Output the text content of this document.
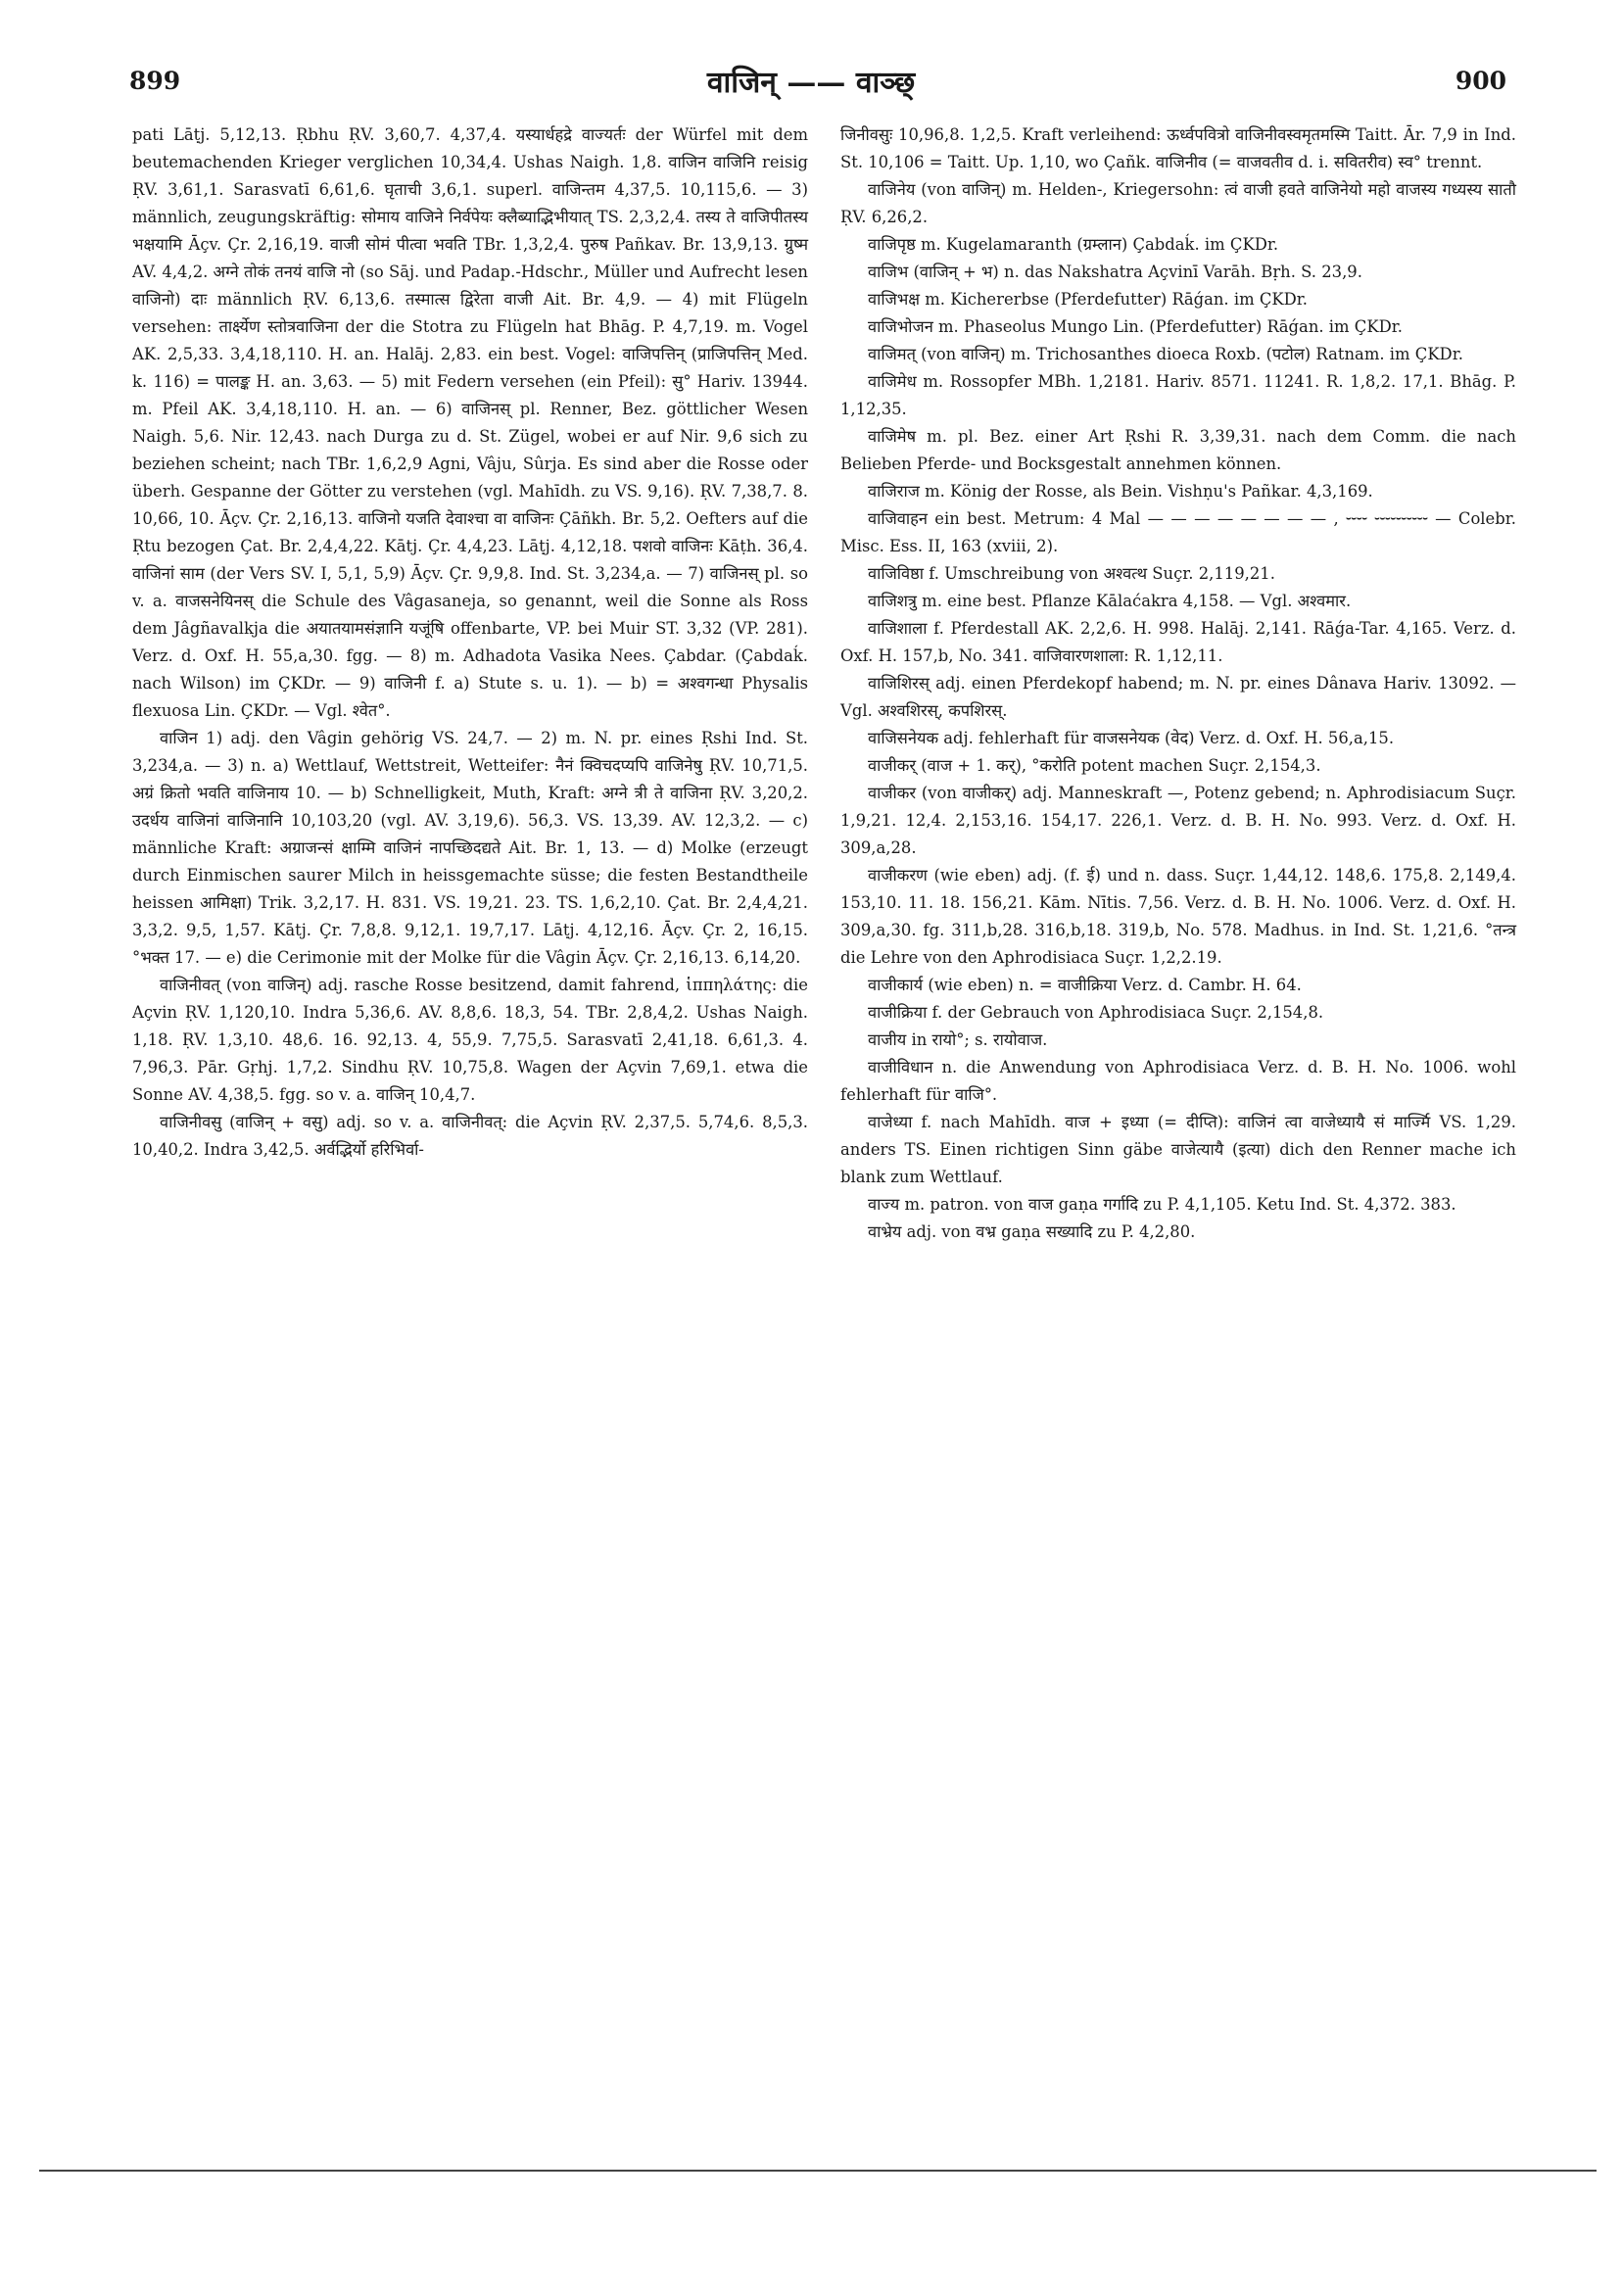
899	वाजिन् —— वाञ्छ्	900

pati Lāṭj. 5,12,13. Ṛbhu ṚV. 3,60,7. 4,37,4. यस्यार्धहद्रे वाज्यर्तः der Würfel mit dem beutemachenden Krieger verglichen 10,34,4. Ushas Naigh. 1,8. वाजिन वाजिनि reisig ṚV. 3,61,1. Sarasvatī 6,61,6. घृताची 3,6,1. superl. वाजिन्तम 4,37,5. 10,115,6. — 3) männlich, zeugungskräftig: सोमाय वाजिने निर्वपेयः क्लैब्याद्भिभीयात् TS. 2,3,2,4. तस्य ते वाजिपीतस्य भक्षयामि Āçv. Çr. 2,16,19. वाजी सोमं पीत्वा भवति TBr. 1,3,2,4. पुरुष Pañkav. Br. 13,9,13. ग्रुष्म AV. 4,4,2. अग्ने तोकं तनयं वाजि नो (so Sāj. und Padap.-Hdschr., Müller und Aufrecht lesen वाजिनो) दाः männlich ṚV. 6,13,6. तस्मात्स द्विरेता वाजी Ait. Br. 4,9. — 4) mit Flügeln versehen: तार्क्ष्येण स्तोत्रवाजिना der die Stotra zu Flügeln hat Bhāg. P. 4,7,19. m. Vogel AK. 2,5,33. 3,4,18,110. H. an. Halāj. 2,83. ein best. Vogel: वाजिपत्तिन् (प्राजिपत्तिन् Med. k. 116) = पालङ्क H. an. 3,63. — 5) mit Federn versehen (ein Pfeil): सु° Hariv. 13944. m. Pfeil AK. 3,4,18,110. H. an. — 6) वाजिनस् pl. Renner, Bez. göttlicher Wesen Naigh. 5,6. Nir. 12,43. nach Durga zu d. St. Zügel, wobei er auf Nir. 9,6 sich zu beziehen scheint; nach TBr. 1,6,2,9 Agni, Vâju, Sûrja. Es sind aber die Rosse oder überh. Gespanne der Götter zu verstehen (vgl. Mahīdh. zu VS. 9,16). ṚV. 7,38,7. 8. 10,66, 10. Āçv. Çr. 2,16,13. वाजिनो यजति देवाश्चा वा वाजिनः Çāñkh. Br. 5,2. Oefters auf die Ṛtu bezogen Çat. Br. 2,4,4,22. Kātj. Çr. 4,4,23. Lāṭj. 4,12,18. पशवो वाजिनः Kāṭh. 36,4. वाजिनां साम (der Vers SV. I, 5,1, 5,9) Āçv. Çr. 9,9,8. Ind. St. 3,234,a. — 7) वाजिनस् pl. so v. a. वाजसनेयिनस् die Schule des Vâgasaneja, so genannt, weil die Sonne als Ross dem Jâgñavalkja die अयातयामसंज्ञानि यजूंषि offenbarte, VP. bei Muir ST. 3,32 (VP. 281). Verz. d. Oxf. H. 55,a,30. fgg. — 8) m. Adhadota Vasika Nees. Çabdar. (Çabdaḱ. nach Wilson) im ÇKDr. — 9) वाजिनी f. a) Stute s. u. 1). — b) = अश्वगन्धा Physalis flexuosa Lin. ÇKDr. — Vgl. श्वेत°.

वाजिन 1) adj. den Vâgin gehörig VS. 24,7. — 2) m. N. pr. eines Ṛshi Ind. St. 3,234,a. — 3) n. a) Wettlauf, Wettstreit, Wetteifer: नैनं क्विचदप्यपि वाजिनेषु ṚV. 10,71,5. अग्रं क्रितो भवति वाजिनाय 10. — b) Schnelligkeit, Muth, Kraft: अग्ने त्री ते वाजिना ṚV. 3,20,2. उदर्धय वाजिनां वाजिनानि 10,103,20 (vgl. AV. 3,19,6). 56,3. VS. 13,39. AV. 12,3,2. — c) männliche Kraft: अग्राजन्सं क्षाम्मि वाजिनं नापच्छिदद्यते Ait. Br. 1, 13. — d) Molke (erzeugt durch Einmischen saurer Milch in heissgemachte süsse; die festen Bestandtheile heissen आमिक्षा) Trik. 3,2,17. H. 831. VS. 19,21. 23. TS. 1,6,2,10. Çat. Br. 2,4,4,21. 3,3,2. 9,5, 1,57. Kātj. Çr. 7,8,8. 9,12,1. 19,7,17. Lāṭj. 4,12,16. Āçv. Çr. 2, 16,15. °भक्त 17. — e) die Cerimonie mit der Molke für die Vâgin Āçv. Çr. 2,16,13. 6,14,20.

वाजिनीवत् (von वाजिन्) adj. rasche Rosse besitzend, damit fahrend, ἱππηλάτης: die Açvin ṚV. 1,120,10. Indra 5,36,6. AV. 8,8,6. 18,3, 54. TBr. 2,8,4,2. Ushas Naigh. 1,18. ṚV. 1,3,10. 48,6. 16. 92,13. 4, 55,9. 7,75,5. Sarasvatī 2,41,18. 6,61,3. 4. 7,96,3. Pār. Gṛhj. 1,7,2. Sindhu ṚV. 10,75,8. Wagen der Açvin 7,69,1. etwa die Sonne AV. 4,38,5. fgg. so v. a. वाजिन् 10,4,7.

वाजिनीवसु (वाजिन् + वसु) adj. so v. a. वाजिनीवत्: die Açvin ṚV. 2,37,5. 5,74,6. 8,5,3. 10,40,2. Indra 3,42,5. अर्वद्भिर्यो हरिभिर्वा-

जिनीवसुः 10,96,8. 1,2,5. Kraft verleihend: ऊर्ध्वपवित्रो वाजिनीवस्वमृतमस्मि Taitt. Ār. 7,9 in Ind. St. 10,106 = Taitt. Up. 1,10, wo Çañk. वाजिनीव (= वाजवतीव d. i. सवितरीव) स्व° trennt.

वाजिनेय (von वाजिन्) m. Helden-, Kriegersohn: त्वं वाजी हवते वाजिनेयो महो वाजस्य गध्यस्य सातौ ṚV. 6,26,2.

वाजिपृष्ठ m. Kugelamaranth (ग्रम्लान) Çabdaḱ. im ÇKDr.

वाजिभ (वाजिन् + भ) n. das Nakshatra Açvinī Varāh. Bṛh. S. 23,9.

वाजिभक्ष m. Kichererbse (Pferdefutter) Rāǵan. im ÇKDr.

वाजिभोजन m. Phaseolus Mungo Lin. (Pferdefutter) Rāǵan. im ÇKDr.

वाजिमत् (von वाजिन्) m. Trichosanthes dioeca Roxb. (पटोल) Ratnam. im ÇKDr.

वाजिमेध m. Rossopfer MBh. 1,2181. Hariv. 8571. 11241. R. 1,8,2. 17,1. Bhāg. P. 1,12,35.

वाजिमेष m. pl. Bez. einer Art Ṛshi R. 3,39,31. nach dem Comm. die nach Belieben Pferde- und Bocksgestalt annehmen können.

वाजिराज m. König der Rosse, als Bein. Vishṇu's Pañkar. 4,3,169.

वाजिवाहन ein best. Metrum: 4 Mal — — — — — — — — , ⏑⏑⏑⏑ ⏑⏑⏑⏑⏑⏑⏑⏑⏑⏑ — Colebr. Misc. Ess. II, 163 (xviii, 2).

वाजिविष्ठा f. Umschreibung von अश्वत्थ Suçr. 2,119,21.

वाजिशत्रु m. eine best. Pflanze Kālaćakra 4,158. — Vgl. अश्वमार.

वाजिशाला f. Pferdestall AK. 2,2,6. H. 998. Halāj. 2,141. Rāǵa-Tar. 4,165. Verz. d. Oxf. H. 157,b, No. 341. वाजिवारणशाला: R. 1,12,11.

वाजिशिरस् adj. einen Pferdekopf habend; m. N. pr. eines Dânava Hariv. 13092. — Vgl. अश्वशिरस्, कपशिरस्.

वाजिसनेयक adj. fehlerhaft für वाजसनेयक (वेद) Verz. d. Oxf. H. 56,a,15.

वाजीकर् (वाज + 1. कर्), °करोति potent machen Suçr. 2,154,3.

वाजीकर (von वाजीकर्) adj. Manneskraft —, Potenz gebend; n. Aphrodisiacum Suçr. 1,9,21. 12,4. 2,153,16. 154,17. 226,1. Verz. d. B. H. No. 993. Verz. d. Oxf. H. 309,a,28.

वाजीकरण (wie eben) adj. (f. ई) und n. dass. Suçr. 1,44,12. 148,6. 175,8. 2,149,4. 153,10. 11. 18. 156,21. Kām. Nītis. 7,56. Verz. d. B. H. No. 1006. Verz. d. Oxf. H. 309,a,30. fg. 311,b,28. 316,b,18. 319,b, No. 578. Madhus. in Ind. St. 1,21,6. °तन्त्र die Lehre von den Aphrodisiaca Suçr. 1,2,2.19.

वाजीकार्य (wie eben) n. = वाजीक्रिया Verz. d. Cambr. H. 64.

वाजीक्रिया f. der Gebrauch von Aphrodisiaca Suçr. 2,154,8.

वाजीय in रायो°; s. रायोवाज.

वाजीविधान n. die Anwendung von Aphrodisiaca Verz. d. B. H. No. 1006. wohl fehlerhaft für वाजि°.

वाजेध्या f. nach Mahīdh. वाज + इध्या (= दीप्ति): वाजिनं त्वा वाजेध्यायै सं मार्ज्मि VS. 1,29. anders TS. Einen richtigen Sinn gäbe वाजेत्यायै (इत्या) dich den Renner mache ich blank zum Wettlauf.

वाज्य m. patron. von वाज gaṇa गर्गादि zu P. 4,1,105. Ketu Ind. St. 4,372. 383.

वाभ्रेय adj. von वभ्र gaṇa सख्यादि zu P. 4,2,80.
